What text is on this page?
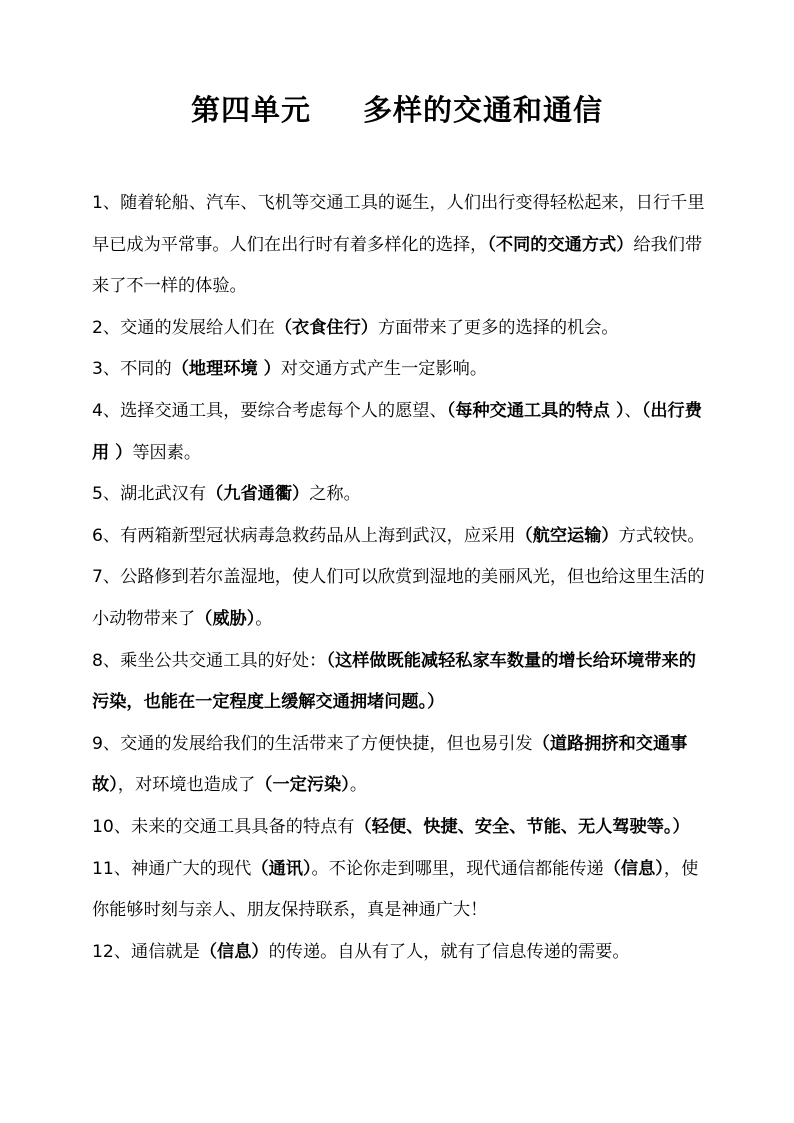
第四单元 多样的交通和通信

1、随着轮船、汽车、飞机等交通工具的诞生，人们出行变得轻松起来，日行千里早已成为平常事。人们在出行时有着多样化的选择，（不同的交通方式）给我们带来了不一样的体验。

2、交通的发展给人们在（衣食住行）方面带来了更多的选择的机会。

3、不同的（地理环境 ）对交通方式产生一定影响。

4、选择交通工具，要综合考虑每个人的愿望、（每种交通工具的特点 ）、（出行费用 ）等因素。

5、湖北武汉有（九省通衢）之称。

6、有两箱新型冠状病毒急救药品从上海到武汉，应采用（航空运输）方式较快。

7、公路修到若尔盖湿地，使人们可以欣赏到湿地的美丽风光，但也给这里生活的小动物带来了（威胁）。

8、乘坐公共交通工具的好处：（这样做既能减轻私家车数量的增长给环境带来的污染，也能在一定程度上缓解交通拥堵问题。）

9、交通的发展给我们的生活带来了方便快捷，但也易引发（道路拥挤和交通事故），对环境也造成了（一定污染）。

10、未来的交通工具具备的特点有（轻便、快捷、安全、节能、无人驾驶等。）

11、神通广大的现代（通讯）。不论你走到哪里，现代通信都能传递（信息），使你能够时刻与亲人、朋友保持联系，真是神通广大！

12、通信就是（信息）的传递。自从有了人，就有了信息传递的需要。
